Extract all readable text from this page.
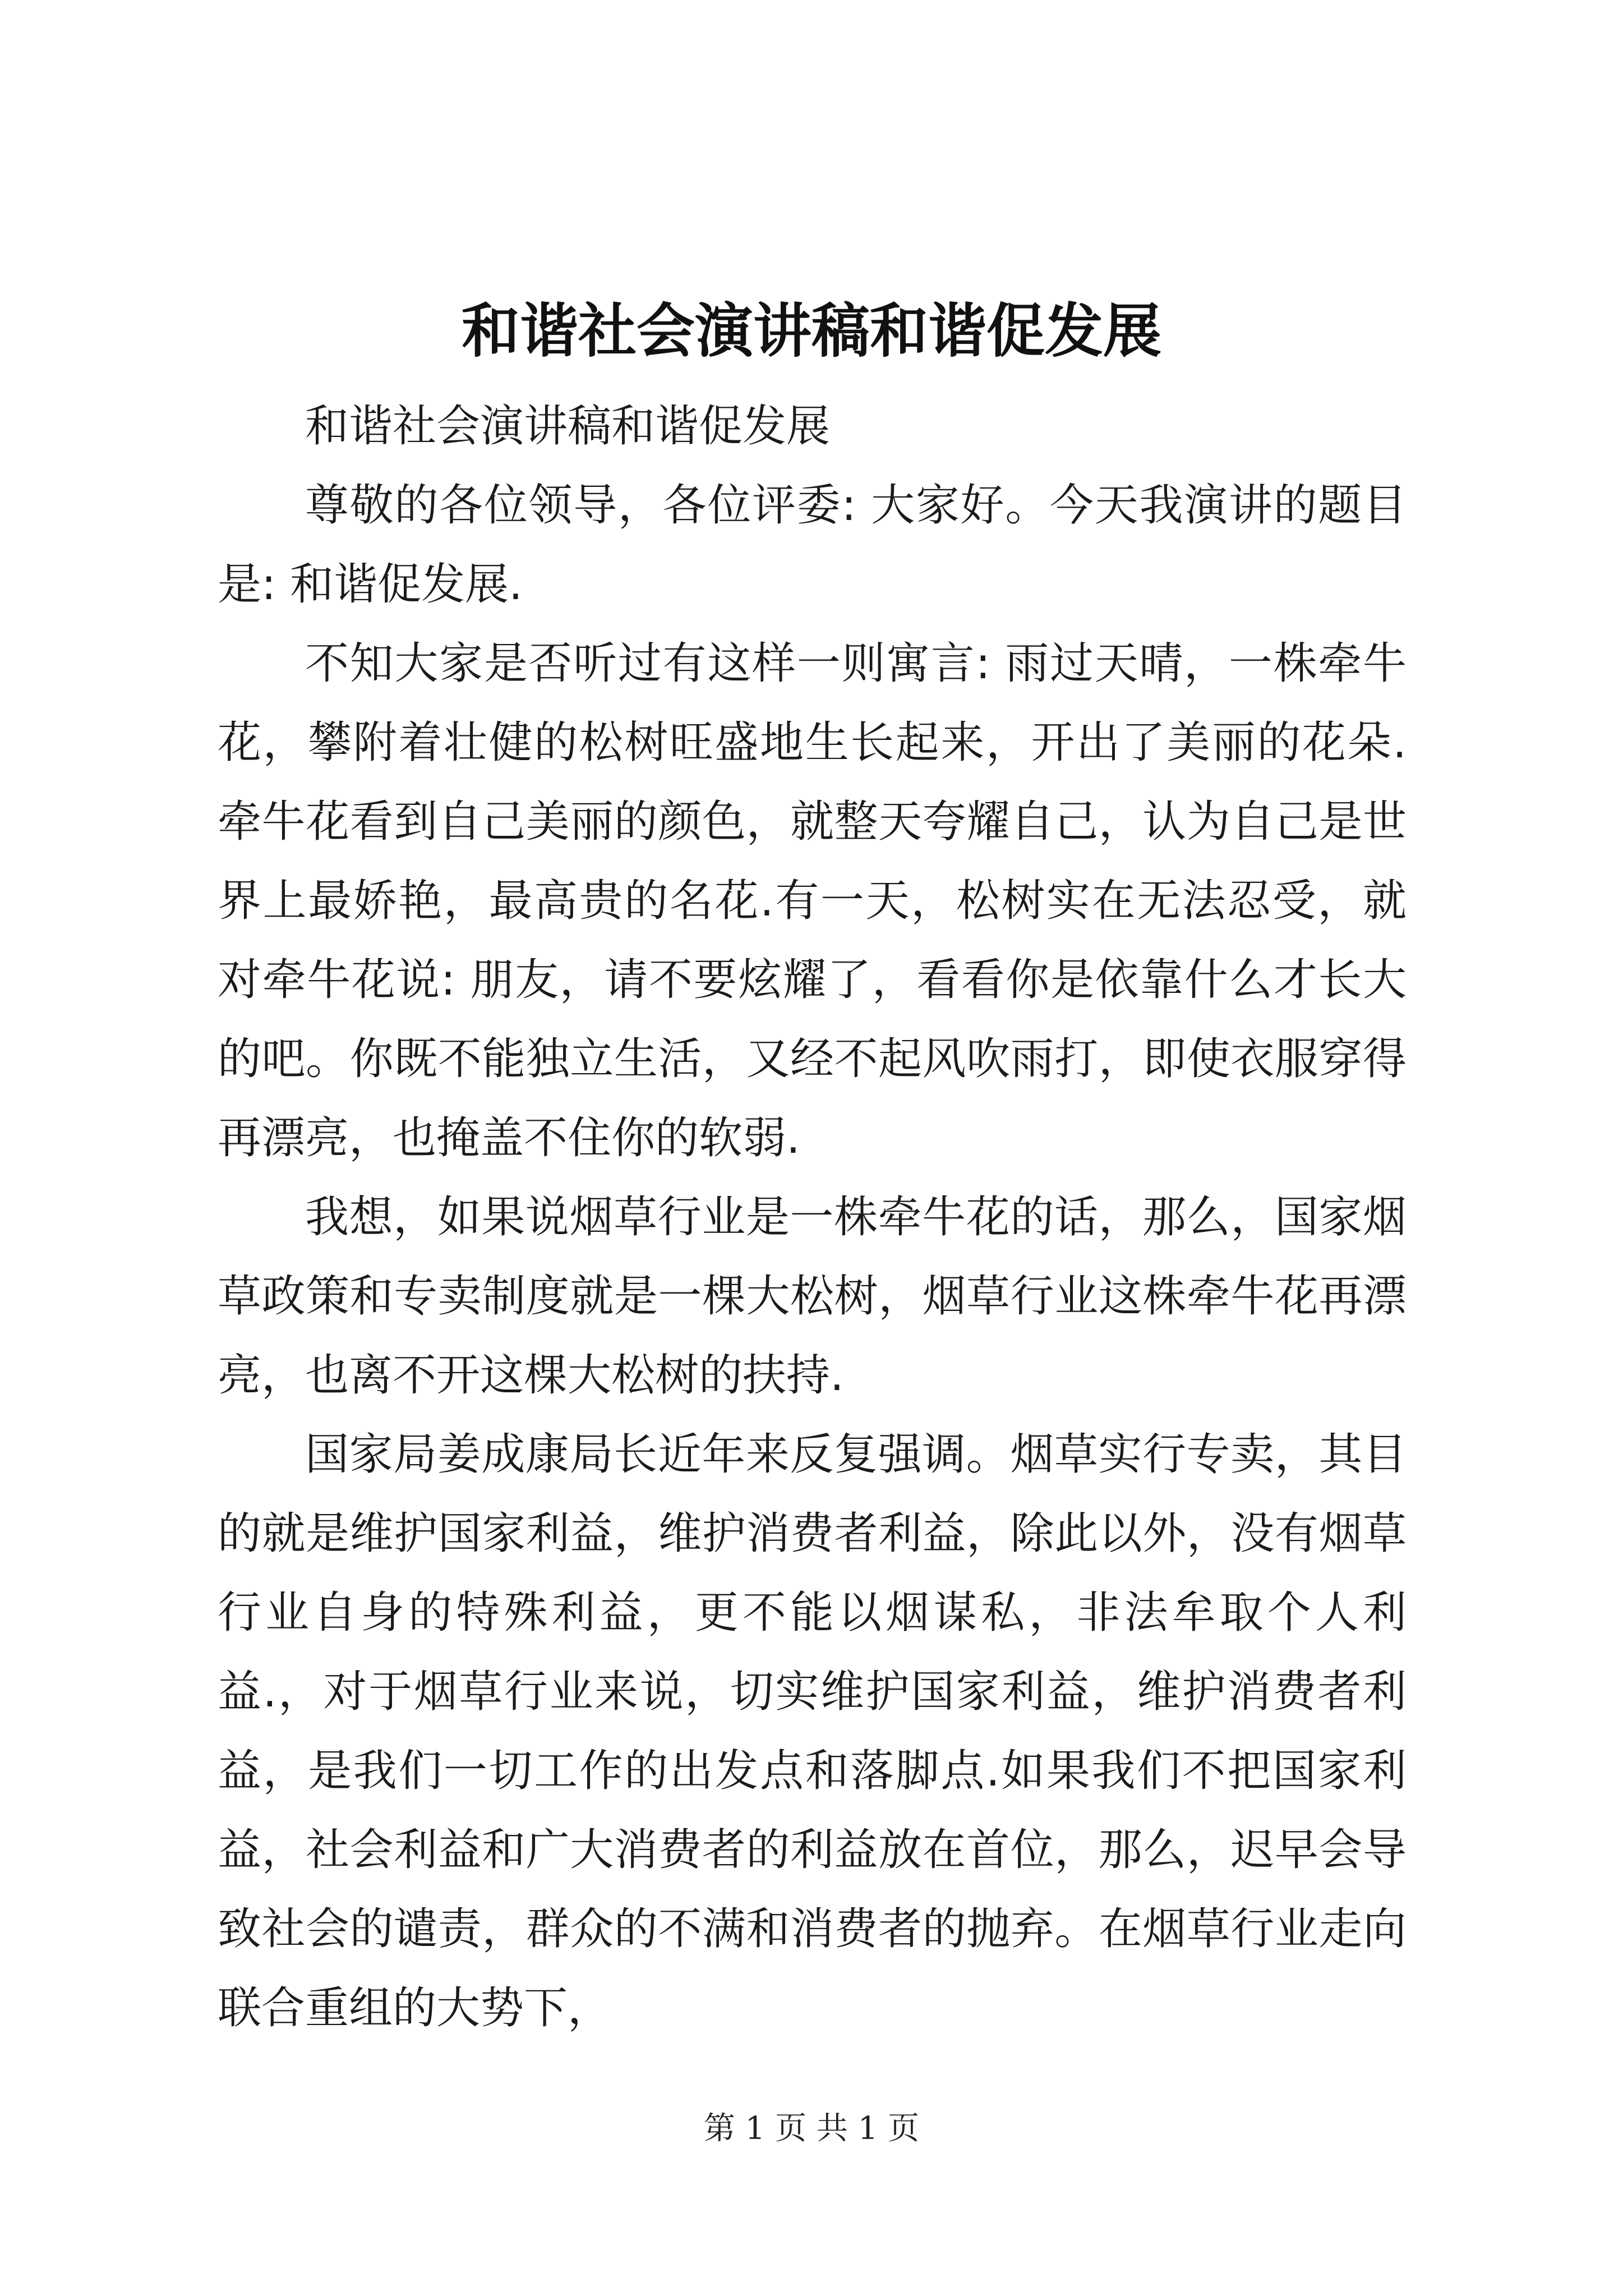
和谐社会演讲稿和谐促发展

和谐社会演讲稿和谐促发展

尊敬的各位领导，各位评委: 大家好。今天我演讲的题目是: 和谐促发展.

不知大家是否听过有这样一则寓言: 雨过天晴，一株牵牛花，攀附着壮健的松树旺盛地生长起来，开出了美丽的花朵.牵牛花看到自己美丽的颜色，就整天夸耀自己，认为自己是世界上最娇艳，最高贵的名花.有一天，松树实在无法忍受，就对牵牛花说: 朋友，请不要炫耀了，看看你是依靠什么才长大的吧。你既不能独立生活，又经不起风吹雨打，即使衣服穿得再漂亮，也掩盖不住你的软弱.

我想，如果说烟草行业是一株牵牛花的话，那么，国家烟草政策和专卖制度就是一棵大松树，烟草行业这株牵牛花再漂亮，也离不开这棵大松树的扶持.

国家局姜成康局长近年来反复强调。烟草实行专卖，其目的就是维护国家利益，维护消费者利益，除此以外，没有烟草行业自身的特殊利益，更不能以烟谋私，非法牟取个人利益.，对于烟草行业来说，切实维护国家利益，维护消费者利益，是我们一切工作的出发点和落脚点.如果我们不把国家利益，社会利益和广大消费者的利益放在首位，那么，迟早会导致社会的谴责，群众的不满和消费者的抛弃。在烟草行业走向联合重组的大势下，

第 1 页 共 1 页
